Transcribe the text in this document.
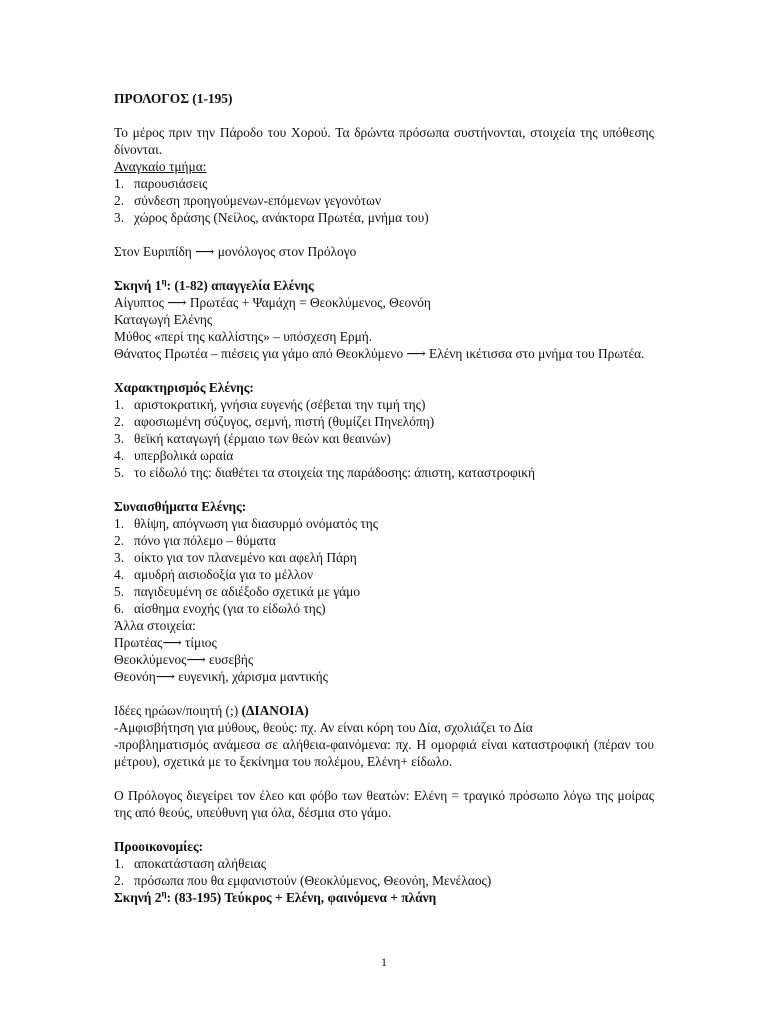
ΠΡΟΛΟΓΟΣ (1-195)

Το μέρος πριν την Πάροδο του Χορού. Τα δρώντα πρόσωπα συστήνονται, στοιχεία της υπόθεσης δίνονται.

Αναγκαίο τμήμα:

1. παρουσιάσεις
2. σύνδεση προηγούμενων-επόμενων γεγονότων
3. χώρος δράσης (Νείλος, ανάκτορα Πρωτέα, μνήμα του)

Στον Ευριπίδη ⟶ μονόλογος στον Πρόλογο

Σκηνή $1^\eta$: (1-82) απαγγελία Ελένης

Αίγυπτος ⟶ Πρωτέας + Ψαμάχη = Θεοκλύμενος, Θεονόη

Καταγωγή Ελένης

Μύθος «περί της καλλίστης» – υπόσχεση Ερμή.

Θάνατος Πρωτέα – πιέσεις για γάμο από Θεοκλύμενο ⟶ Ελένη ικέτισσα στο μνήμα του Πρωτέα.

Χαρακτηρισμός Ελένης:

1. αριστοκρατική, γνήσια ευγενής (σέβεται την τιμή της)
2. αφοσιωμένη σύζυγος, σεμνή, πιστή (θυμίζει Πηνελόπη)
3. θεϊκή καταγωγή (έρμαιο των θεών και θεαινών)
4. υπερβολικά ωραία
5. το είδωλό της: διαθέτει τα στοιχεία της παράδοσης: άπιστη, καταστροφική

Συναισθήματα Ελένης:

1. θλίψη, απόγνωση για διασυρμό ονόματός της
2. πόνο για πόλεμο – θύματα
3. οίκτο για τον πλανεμένο και αφελή Πάρη
4. αμυδρή αισιοδοξία για το μέλλον
5. παγιδευμένη σε αδιέξοδο σχετικά με γάμο
6. αίσθημα ενοχής (για το είδωλό της)

Άλλα στοιχεία:

Πρωτέας⟶ τίμιος

Θεοκλύμενος⟶ ευσεβής

Θεονόη⟶ ευγενική, χάρισμα μαντικής

Ιδέες ηρώων/ποιητή (;) (ΔΙΑΝΟΙΑ)

-Αμφισβήτηση για μύθους, θεούς: πχ. Αν είναι κόρη του Δία, σχολιάζει το Δία

-προβληματισμός ανάμεσα σε αλήθεια-φαινόμενα: πχ. Η ομορφιά είναι καταστροφική (πέραν του μέτρου), σχετικά με το ξεκίνημα του πολέμου, Ελένη+ είδωλο.

Ο Πρόλογος διεγείρει τον έλεο και φόβο των θεατών: Ελένη = τραγικό πρόσωπο λόγω της μοίρας της από θεούς, υπεύθυνη για όλα, δέσμια στο γάμο.

Προοικονομίες:

1. αποκατάσταση αλήθειας
2. πρόσωπα που θα εμφανιστούν (Θεοκλύμενος, Θεονόη, Μενέλαος)

Σκηνή $2^\eta$: (83-195) Τεύκρος + Ελένη, φαινόμενα + πλάνη

1
